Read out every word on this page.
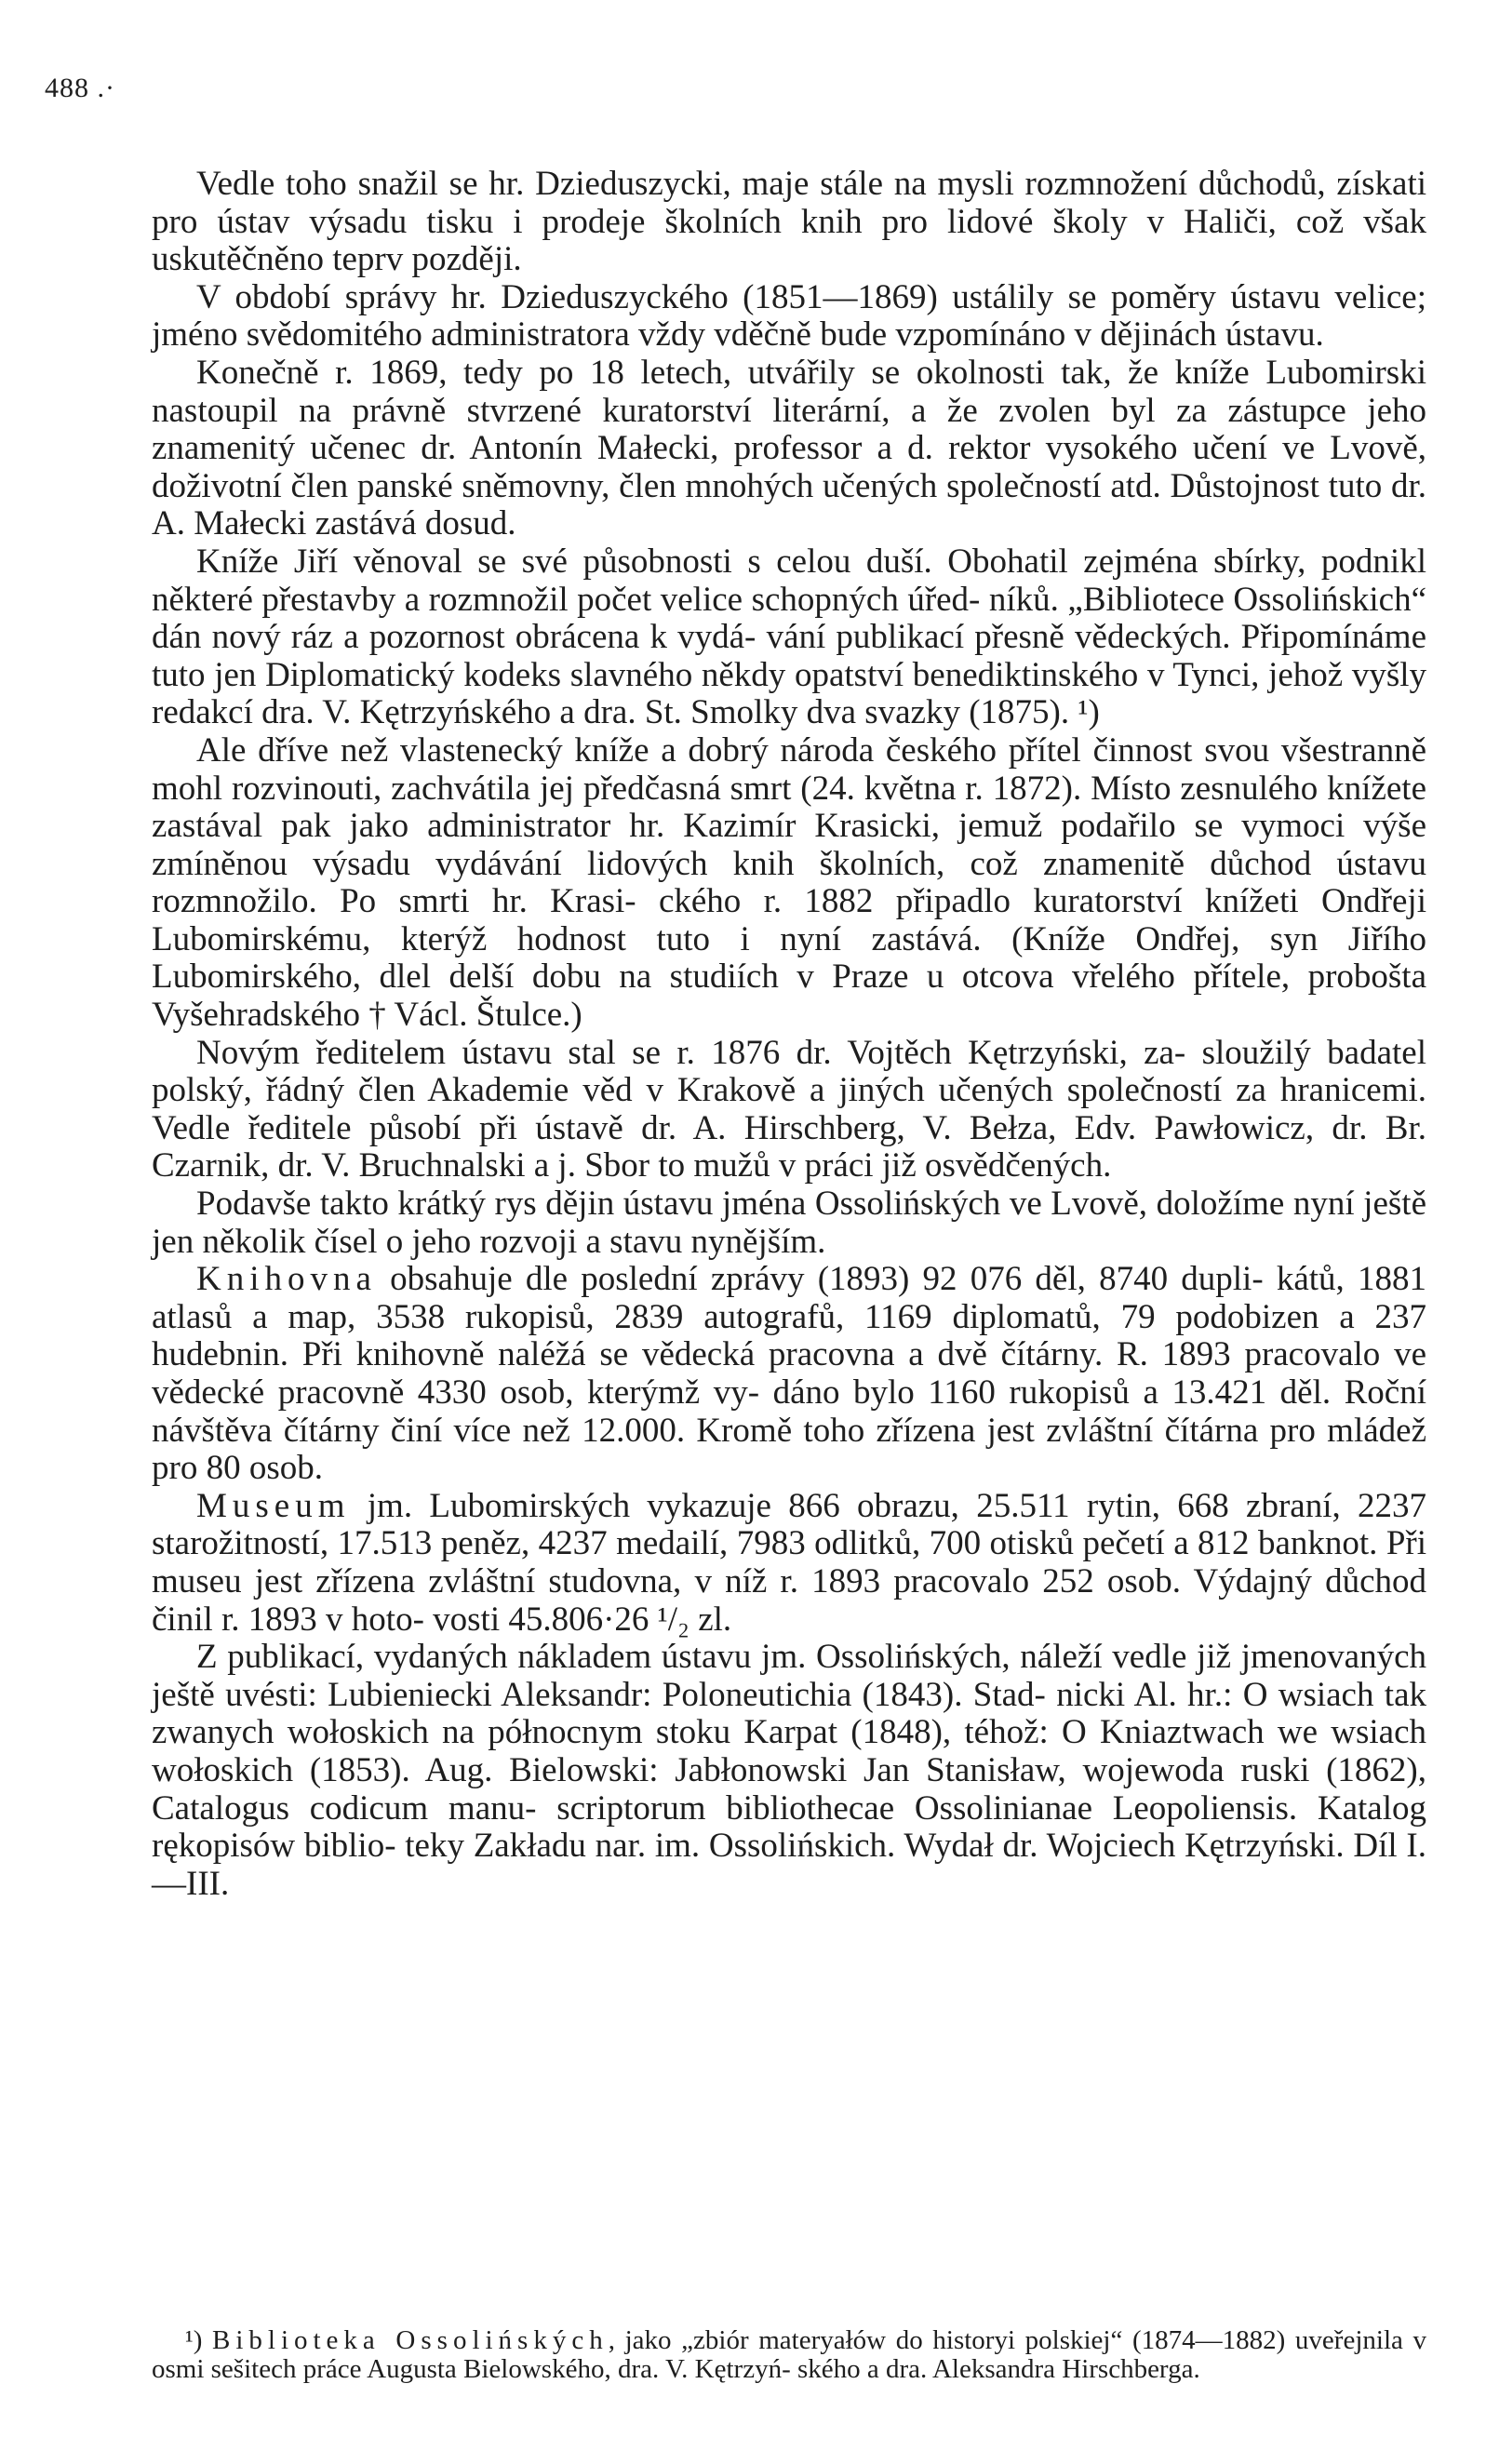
488 .·

Vedle toho snažil se hr. Dzieduszycki, maje stále na mysli rozmnožení důchodů, získati pro ústav výsadu tisku i prodeje školních knih pro lidové školy v Haliči, což však uskutěčněno teprv později.

V období správy hr. Dzieduszyckého (1851—1869) ustálily se poměry ústavu velice; jméno svědomitého administratora vždy vděčně bude vzpomínáno v dějinách ústavu.

Konečně r. 1869, tedy po 18 letech, utvářily se okolnosti tak, že kníže Lubomirski nastoupil na právně stvrzené kuratorství literární, a že zvolen byl za zástupce jeho znamenitý učenec dr. Antonín Małecki, professor a d. rektor vysokého učení ve Lvově, doživotní člen panské sněmovny, člen mnohých učených společností atd. Důstojnost tuto dr. A. Małecki zastává dosud.

Kníže Jiří věnoval se své působnosti s celou duší. Obohatil zejména sbírky, podnikl některé přestavby a rozmnožil počet velice schopných úřed- níků. „Bibliotece Ossolińskich“ dán nový ráz a pozornost obrácena k vydá- vání publikací přesně vědeckých. Připomínáme tuto jen Diplomatický kodeks slavného někdy opatství benediktinského v Tynci, jehož vyšly redakcí dra. V. Kętrzyńského a dra. St. Smolky dva svazky (1875). ¹)

Ale dříve než vlastenecký kníže a dobrý národa českého přítel činnost svou všestranně mohl rozvinouti, zachvátila jej předčasná smrt (24. května r. 1872). Místo zesnulého knížete zastával pak jako administrator hr. Kazimír Krasicki, jemuž podařilo se vymoci výše zmíněnou výsadu vydávání lidových knih školních, což znamenitě důchod ústavu rozmnožilo. Po smrti hr. Krasi- ckého r. 1882 připadlo kuratorství knížeti Ondřeji Lubomirskému, kterýž hodnost tuto i nyní zastává. (Kníže Ondřej, syn Jiřího Lubomirského, dlel delší dobu na studiích v Praze u otcova vřelého přítele, proboštа Vyšehradského † Václ. Štulce.)

Novým ředitelem ústavu stal se r. 1876 dr. Vojtěch Kętrzyński, za- sloužilý badatel polský, řádný člen Akademie věd v Krakově a jiných učených společností za hranicemi. Vedle ředitele působí při ústavě dr. A. Hirschberg, V. Bełza, Edv. Pawłowicz, dr. Br. Czarnik, dr. V. Bruchnalski a j. Sbor to mužů v práci již osvědčených.

Podavše takto krátký rys dějin ústavu jména Ossolińských ve Lvově, doložíme nyní ještě jen několik čísel o jeho rozvoji a stavu nynějším.

Knihovna obsahuje dle poslední zprávy (1893) 92 076 děl, 8740 dupli- kátů, 1881 atlasů a map, 3538 rukopisů, 2839 autografů, 1169 diplomatů, 79 podobizen a 237 hudebnin. Při knihovně naléžá se vědecká pracovna a dvě čítárny. R. 1893 pracovalo ve vědecké pracovně 4330 osob, kterýmž vy- dáno bylo 1160 rukopisů a 13.421 děl. Roční návštěva čítárny činí více než 12.000. Kromě toho zřízena jest zvláštní čítárna pro mládež pro 80 osob.

Museum jm. Lubomirských vykazuje 866 obrazu, 25.511 rytin, 668 zbraní, 2237 starožitností, 17.513 peněz, 4237 medailí, 7983 odlitků, 700 otisků pečetí a 812 banknot. Při museu jest zřízena zvláštní studovna, v níž r. 1893 pracovalo 252 osob. Výdajný důchod činil r. 1893 v hoto- vosti 45.806·26 ¹/₂ zl.

Z publikací, vydaných nákladem ústavu jm. Ossolińských, náleží vedle již jmenovaných ještě uvésti: Lubieniecki Aleksandr: Poloneutichia (1843). Stad- nicki Al. hr.: O wsiach tak zwanych wołoskich na północnym stoku Karpat (1848), téhož: O Kniaztwach we wsiach wołoskich (1853). Aug. Bielowski: Jabłonowski Jan Stanisław, wojewoda ruski (1862), Catalogus codicum manu- scriptorum bibliothecae Ossolinianae Leopoliensis. Katalog rękopisów biblio- teky Zakładu nar. im. Ossolińskich. Wydał dr. Wojciech Kętrzyński. Díl I.—III.

¹) Biblioteka Ossolińských, jako „zbiór materyałów do historyi polskiej“ (1874—1882) uveřejnila v osmi sešitech práce Augusta Bielowského, dra. V. Kętrzyń- ského a dra. Aleksandra Hirschberga.
